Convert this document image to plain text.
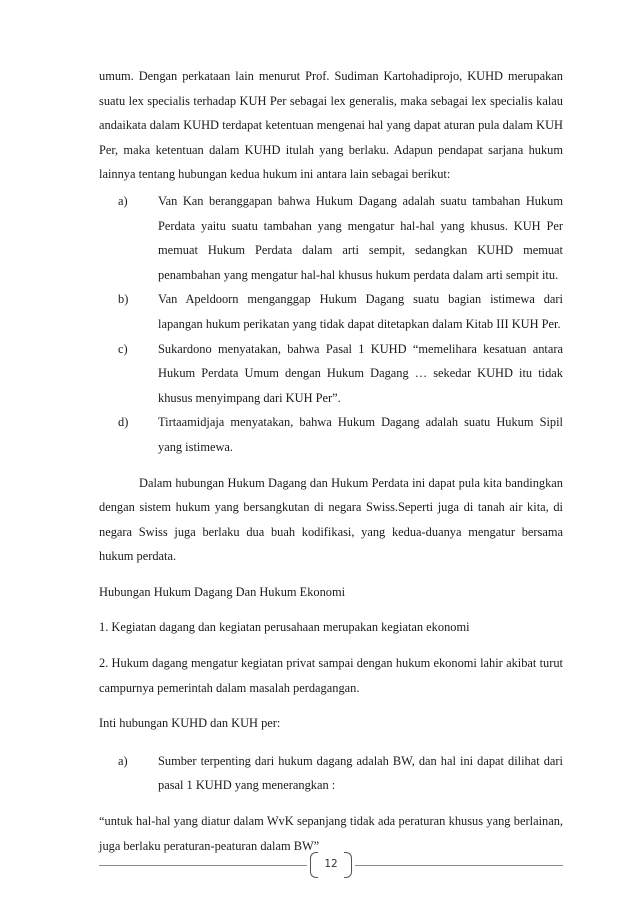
umum. Dengan perkataan lain menurut Prof. Sudiman Kartohadiprojo, KUHD merupakan suatu lex specialis terhadap KUH Per sebagai lex generalis, maka sebagai lex specialis kalau andaikata dalam KUHD terdapat ketentuan mengenai hal yang dapat aturan pula dalam KUH Per, maka ketentuan dalam KUHD itulah yang berlaku. Adapun pendapat sarjana hukum lainnya tentang hubungan kedua hukum ini antara lain sebagai berikut:

a) Van Kan beranggapan bahwa Hukum Dagang adalah suatu tambahan Hukum Perdata yaitu suatu tambahan yang mengatur hal-hal yang khusus. KUH Per memuat Hukum Perdata dalam arti sempit, sedangkan KUHD memuat penambahan yang mengatur hal-hal khusus hukum perdata dalam arti sempit itu.
b) Van Apeldoorn menganggap Hukum Dagang suatu bagian istimewa dari lapangan hukum perikatan yang tidak dapat ditetapkan dalam Kitab III KUH Per.
c) Sukardono menyatakan, bahwa Pasal 1 KUHD “memelihara kesatuan antara Hukum Perdata Umum dengan Hukum Dagang … sekedar KUHD itu tidak khusus menyimpang dari KUH Per”.
d) Tirtaamidjaja menyatakan, bahwa Hukum Dagang adalah suatu Hukum Sipil yang istimewa.

Dalam hubungan Hukum Dagang dan Hukum Perdata ini dapat pula kita bandingkan dengan sistem hukum yang bersangkutan di negara Swiss.Seperti juga di tanah air kita, di negara Swiss juga berlaku dua buah kodifikasi, yang kedua-duanya mengatur bersama hukum perdata.

Hubungan Hukum Dagang Dan Hukum Ekonomi

1. Kegiatan dagang dan kegiatan perusahaan merupakan kegiatan ekonomi

2. Hukum dagang mengatur kegiatan privat sampai dengan hukum ekonomi lahir akibat turut campurnya pemerintah dalam masalah perdagangan.

Inti hubungan KUHD dan KUH per:

a) Sumber terpenting dari hukum dagang adalah BW, dan hal ini dapat dilihat dari pasal 1 KUHD yang menerangkan :

“untuk hal-hal yang diatur dalam WvK sepanjang tidak ada peraturan khusus yang berlainan, juga berlaku peraturan-peaturan dalam BW”

12
